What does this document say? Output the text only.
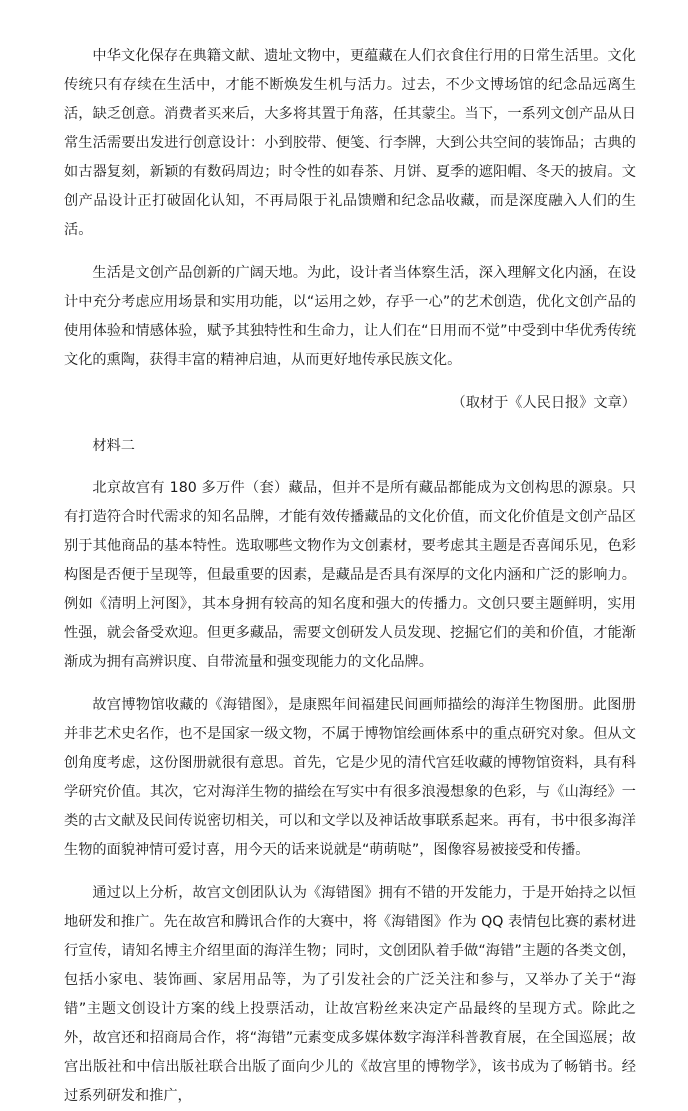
中华文化保存在典籍文献、遗址文物中，更蕴藏在人们衣食住行用的日常生活里。文化传统只有存续在生活中，才能不断焕发生机与活力。过去，不少文博场馆的纪念品远离生活，缺乏创意。消费者买来后，大多将其置于角落，任其蒙尘。当下，一系列文创产品从日常生活需要出发进行创意设计：小到胶带、便笺、行李牌，大到公共空间的装饰品；古典的如古器复刻，新颖的有数码周边；时令性的如春茶、月饼、夏季的遮阳帽、冬天的披肩。文创产品设计正打破固化认知，不再局限于礼品馈赠和纪念品收藏，而是深度融入人们的生活。

生活是文创产品创新的广阔天地。为此，设计者当体察生活，深入理解文化内涵，在设计中充分考虑应用场景和实用功能，以“运用之妙，存乎一心”的艺术创造，优化文创产品的使用体验和情感体验，赋予其独特性和生命力，让人们在“日用而不觉”中受到中华优秀传统文化的熏陶，获得丰富的精神启迪，从而更好地传承民族文化。

（取材于《人民日报》文章）

材料二

北京故宫有 180 多万件（套）藏品，但并不是所有藏品都能成为文创构思的源泉。只有打造符合时代需求的知名品牌，才能有效传播藏品的文化价值，而文化价值是文创产品区别于其他商品的基本特性。选取哪些文物作为文创素材，要考虑其主题是否喜闻乐见，色彩构图是否便于呈现等，但最重要的因素，是藏品是否具有深厚的文化内涵和广泛的影响力。例如《清明上河图》，其本身拥有较高的知名度和强大的传播力。文创只要主题鲜明，实用性强，就会备受欢迎。但更多藏品，需要文创研发人员发现、挖掘它们的美和价值，才能渐渐成为拥有高辨识度、自带流量和强变现能力的文化品牌。

故宫博物馆收藏的《海错图》，是康熙年间福建民间画师描绘的海洋生物图册。此图册并非艺术史名作，也不是国家一级文物，不属于博物馆绘画体系中的重点研究对象。但从文创角度考虑，这份图册就很有意思。首先，它是少见的清代宫廷收藏的博物馆资料，具有科学研究价值。其次，它对海洋生物的描绘在写实中有很多浪漫想象的色彩，与《山海经》一类的古文献及民间传说密切相关，可以和文学以及神话故事联系起来。再有，书中很多海洋生物的面貌神情可爱讨喜，用今天的话来说就是“萌萌哒”，图像容易被接受和传播。

通过以上分析，故宫文创团队认为《海错图》拥有不错的开发能力，于是开始持之以恒地研发和推广。先在故宫和腾讯合作的大赛中，将《海错图》作为 QQ 表情包比赛的素材进行宣传，请知名博主介绍里面的海洋生物；同时，文创团队着手做“海错”主题的各类文创，包括小家电、装饰画、家居用品等，为了引发社会的广泛关注和参与，又举办了关于“海错”主题文创设计方案的线上投票活动，让故宫粉丝来决定产品最终的呈现方式。除此之外，故宫还和招商局合作，将“海错”元素变成多媒体数字海洋科普教育展，在全国巡展；故宫出版社和中信出版社联合出版了面向少儿的《故宫里的博物学》，该书成为了畅销书。经过系列研发和推广，
